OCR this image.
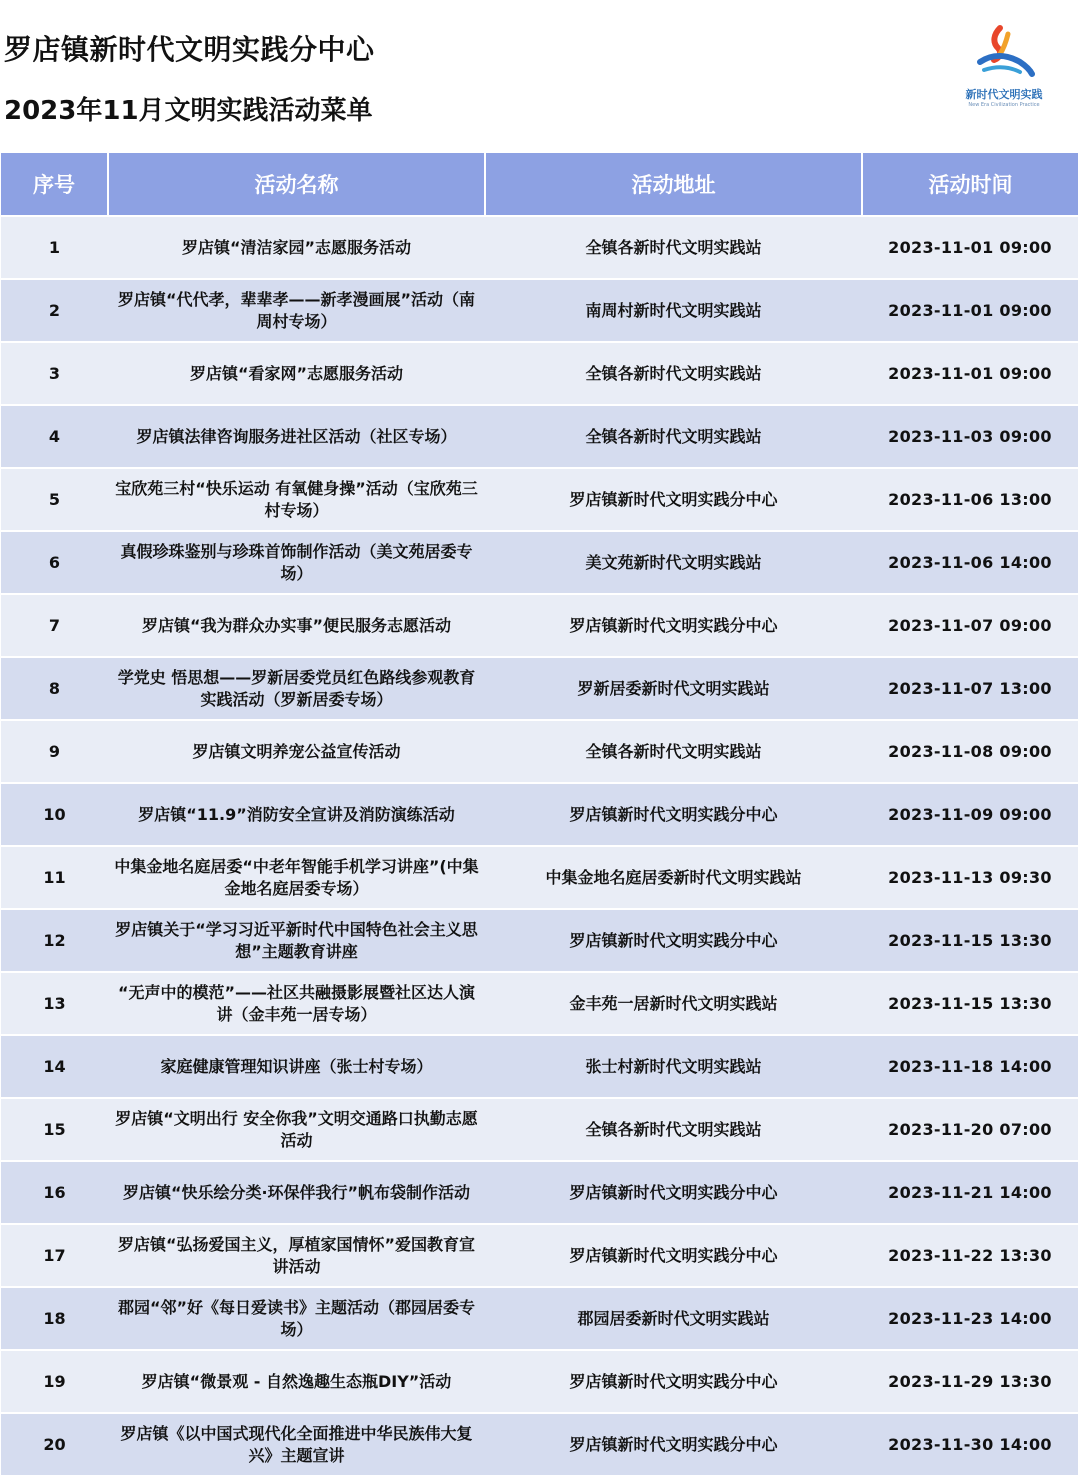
罗店镇新时代文明实践分中心
2023年11月文明实践活动菜单
新时代文明实践
New Era Civilization Practice
序号	活动名称	活动地址	活动时间
1	罗店镇“清洁家园”志愿服务活动	全镇各新时代文明实践站	2023-11-01 09:00
2	罗店镇“代代孝，辈辈孝——新孝漫画展”活动（南周村专场）	南周村新时代文明实践站	2023-11-01 09:00
3	罗店镇“看家网”志愿服务活动	全镇各新时代文明实践站	2023-11-01 09:00
4	罗店镇法律咨询服务进社区活动（社区专场）	全镇各新时代文明实践站	2023-11-03 09:00
5	宝欣苑三村“快乐运动 有氧健身操”活动（宝欣苑三村专场）	罗店镇新时代文明实践分中心	2023-11-06 13:00
6	真假珍珠鉴别与珍珠首饰制作活动（美文苑居委专场）	美文苑新时代文明实践站	2023-11-06 14:00
7	罗店镇“我为群众办实事”便民服务志愿活动	罗店镇新时代文明实践分中心	2023-11-07 09:00
8	学党史 悟思想——罗新居委党员红色路线参观教育实践活动（罗新居委专场）	罗新居委新时代文明实践站	2023-11-07 13:00
9	罗店镇文明养宠公益宣传活动	全镇各新时代文明实践站	2023-11-08 09:00
10	罗店镇“11.9”消防安全宣讲及消防演练活动	罗店镇新时代文明实践分中心	2023-11-09 09:00
11	中集金地名庭居委“中老年智能手机学习讲座”(中集金地名庭居委专场）	中集金地名庭居委新时代文明实践站	2023-11-13 09:30
12	罗店镇关于“学习习近平新时代中国特色社会主义思想”主题教育讲座	罗店镇新时代文明实践分中心	2023-11-15 13:30
13	“无声中的模范”——社区共融摄影展暨社区达人演讲（金丰苑一居专场）	金丰苑一居新时代文明实践站	2023-11-15 13:30
14	家庭健康管理知识讲座（张士村专场）	张士村新时代文明实践站	2023-11-18 14:00
15	罗店镇“文明出行 安全你我”文明交通路口执勤志愿活动	全镇各新时代文明实践站	2023-11-20 07:00
16	罗店镇“快乐绘分类·环保伴我行”帆布袋制作活动	罗店镇新时代文明实践分中心	2023-11-21 14:00
17	罗店镇“弘扬爱国主义，厚植家国情怀”爱国教育宣讲活动	罗店镇新时代文明实践分中心	2023-11-22 13:30
18	郡园“邻”好《每日爱读书》主题活动（郡园居委专场）	郡园居委新时代文明实践站	2023-11-23 14:00
19	罗店镇“微景观 - 自然逸趣生态瓶DIY”活动	罗店镇新时代文明实践分中心	2023-11-29 13:30
20	罗店镇《以中国式现代化全面推进中华民族伟大复兴》主题宣讲	罗店镇新时代文明实践分中心	2023-11-30 14:00
